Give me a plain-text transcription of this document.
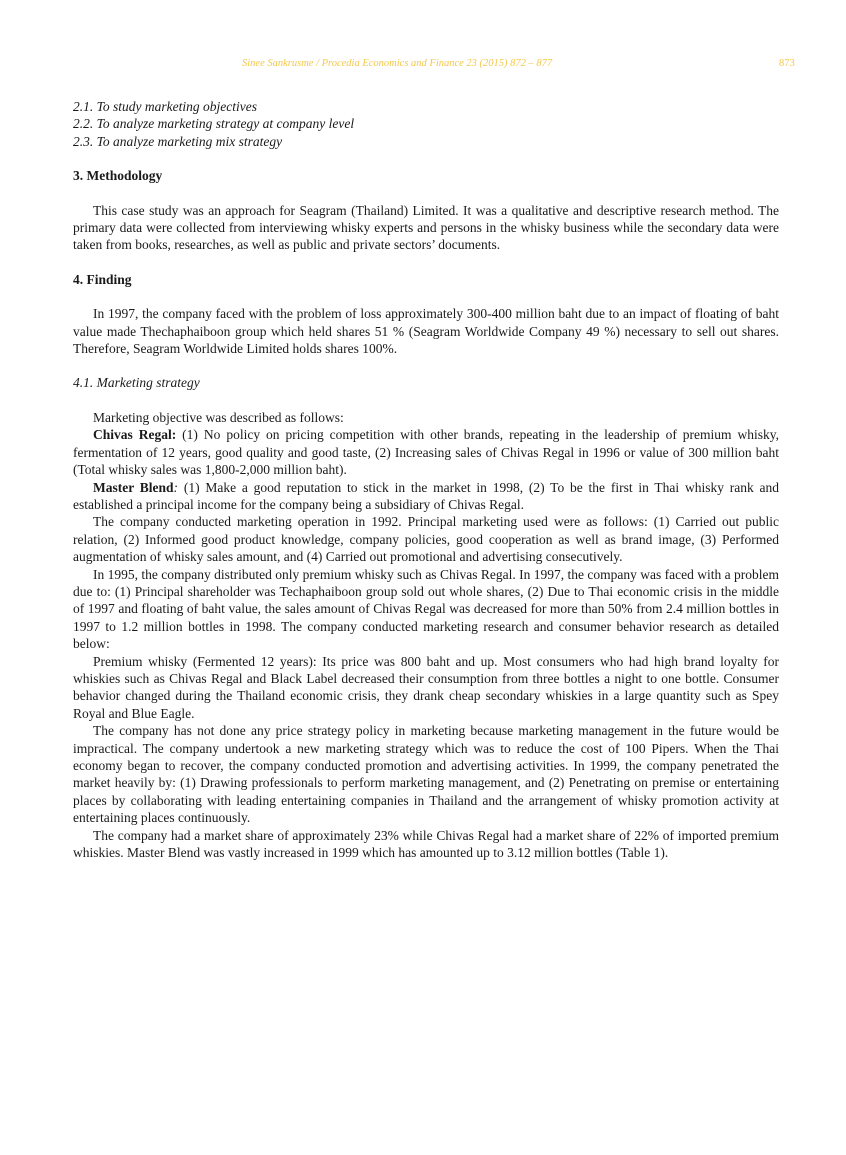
Sinee Sankrusme / Procedia Economics and Finance 23 (2015) 872 – 877	873

2.1. To study marketing objectives

2.2. To analyze marketing strategy at company level

2.3. To analyze marketing mix strategy

3. Methodology

This case study was an approach for Seagram (Thailand) Limited. It was a qualitative and descriptive research method. The primary data were collected from interviewing whisky experts and persons in the whisky business while the secondary data were taken from books, researches, as well as public and private sectors’ documents.

4. Finding

In 1997, the company faced with the problem of loss approximately 300-400 million baht due to an impact of floating of baht value made Thechaphaiboon group which held shares 51 % (Seagram Worldwide Company 49 %) necessary to sell out shares. Therefore, Seagram Worldwide Limited holds shares 100%.

4.1. Marketing strategy

Marketing objective was described as follows:

Chivas Regal: (1) No policy on pricing competition with other brands, repeating in the leadership of premium whisky, fermentation of 12 years, good quality and good taste, (2) Increasing sales of Chivas Regal in 1996 or value of 300 million baht (Total whisky sales was 1,800-2,000 million baht).

Master Blend: (1) Make a good reputation to stick in the market in 1998, (2) To be the first in Thai whisky rank and established a principal income for the company being a subsidiary of Chivas Regal.

The company conducted marketing operation in 1992. Principal marketing used were as follows: (1) Carried out public relation, (2) Informed good product knowledge, company policies, good cooperation as well as brand image, (3) Performed augmentation of whisky sales amount, and (4) Carried out promotional and advertising consecutively.

In 1995, the company distributed only premium whisky such as Chivas Regal. In 1997, the company was faced with a problem due to: (1) Principal shareholder was Techaphaiboon group sold out whole shares, (2) Due to Thai economic crisis in the middle of 1997 and floating of baht value, the sales amount of Chivas Regal was decreased for more than 50% from 2.4 million bottles in 1997 to 1.2 million bottles in 1998. The company conducted marketing research and consumer behavior research as detailed below:

Premium whisky (Fermented 12 years): Its price was 800 baht and up. Most consumers who had high brand loyalty for whiskies such as Chivas Regal and Black Label decreased their consumption from three bottles a night to one bottle. Consumer behavior changed during the Thailand economic crisis, they drank cheap secondary whiskies in a large quantity such as Spey Royal and Blue Eagle.

The company has not done any price strategy policy in marketing because marketing management in the future would be impractical. The company undertook a new marketing strategy which was to reduce the cost of 100 Pipers. When the Thai economy began to recover, the company conducted promotion and advertising activities. In 1999, the company penetrated the market heavily by: (1) Drawing professionals to perform marketing management, and (2) Penetrating on premise or entertaining places by collaborating with leading entertaining companies in Thailand and the arrangement of whisky promotion activity at entertaining places continuously.

The company had a market share of approximately 23% while Chivas Regal had a market share of 22% of imported premium whiskies. Master Blend was vastly increased in 1999 which has amounted up to 3.12 million bottles (Table 1).
